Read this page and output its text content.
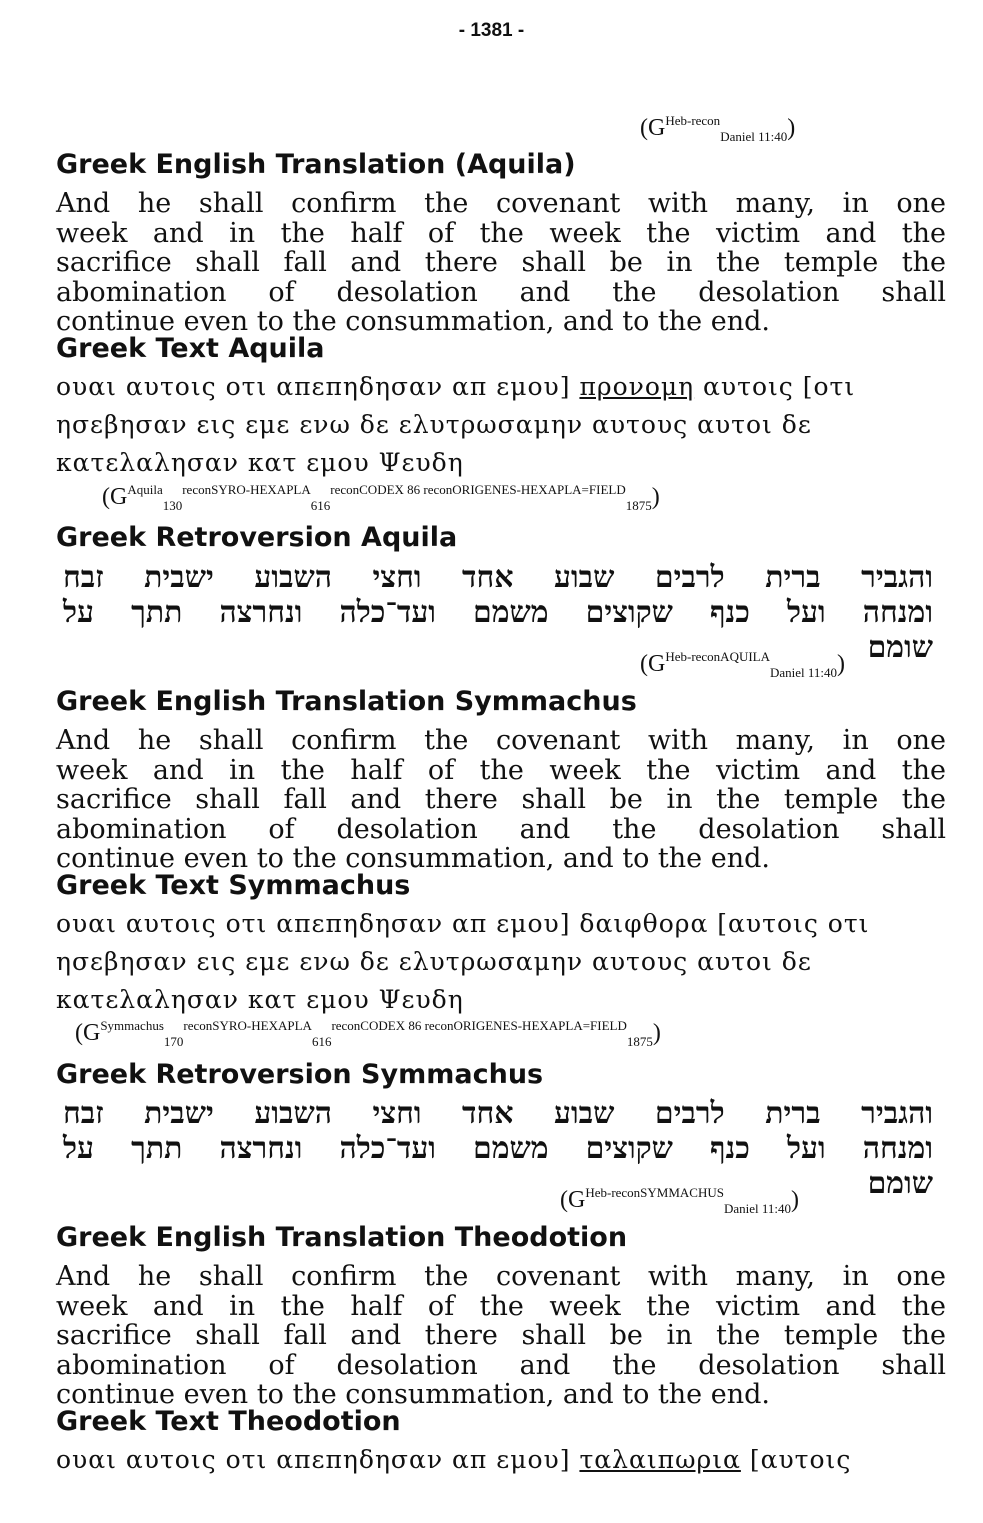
- 1381 -
$(G^{Heb-recon}_{Daniel 11:40})$
Greek English Translation (Aquila)
And he shall confirm the covenant with many, in one
week and in the half of the week the victim and the
sacrifice shall fall and there shall be in the temple the
abomination of desolation and the desolation shall
continue even to the consummation, and to the end.
Greek Text Aquila
ουαι αυτοις οτι απεπηδησαν απ εμου] προνομη αυτοις [οτι
ησεβησαν εις εμε ενω δε ελυτρωσαμην αυτους αυτοι δε
κατελαλησαν κατ εμου Ψευδη
$(G^{Aquila}_{130}^{reconSYRO-HEXAPLA}_{616}^{reconCODEX 86 reconORIGENES-HEXAPLA=FIELD}_{1875})$
Greek Retroversion Aquila
והגביר ברית לרבים שבוע אחד וחצי השבוע ישבית זבח
ומנחה ועל כנף שקוצים משמם ועד־כלה ונחרצה תתך על
שומם
$(G^{Heb-reconAQUILA}_{Daniel 11:40})$
Greek English Translation Symmachus
And he shall confirm the covenant with many, in one
week and in the half of the week the victim and the
sacrifice shall fall and there shall be in the temple the
abomination of desolation and the desolation shall
continue even to the consummation, and to the end.
Greek Text Symmachus
ουαι αυτοις οτι απεπηδησαν απ εμου] δαιφθορα [αυτοις οτι
ησεβησαν εις εμε ενω δε ελυτρωσαμην αυτους αυτοι δε
κατελαλησαν κατ εμου Ψευδη
$(G^{Symmachus}_{170}^{reconSYRO-HEXAPLA}_{616}^{reconCODEX 86 reconORIGENES-HEXAPLA=FIELD}_{1875})$
Greek Retroversion Symmachus
והגביר ברית לרבים שבוע אחד וחצי השבוע ישבית זבח
ומנחה ועל כנף שקוצים משמם ועד־כלה ונחרצה תתך על
שומם
$(G^{Heb-reconSYMMACHUS}_{Daniel 11:40})$
Greek English Translation Theodotion
And he shall confirm the covenant with many, in one
week and in the half of the week the victim and the
sacrifice shall fall and there shall be in the temple the
abomination of desolation and the desolation shall
continue even to the consummation, and to the end.
Greek Text Theodotion
ουαι αυτοις οτι απεπηδησαν απ εμου] ταλαιπωρια [αυτοις
